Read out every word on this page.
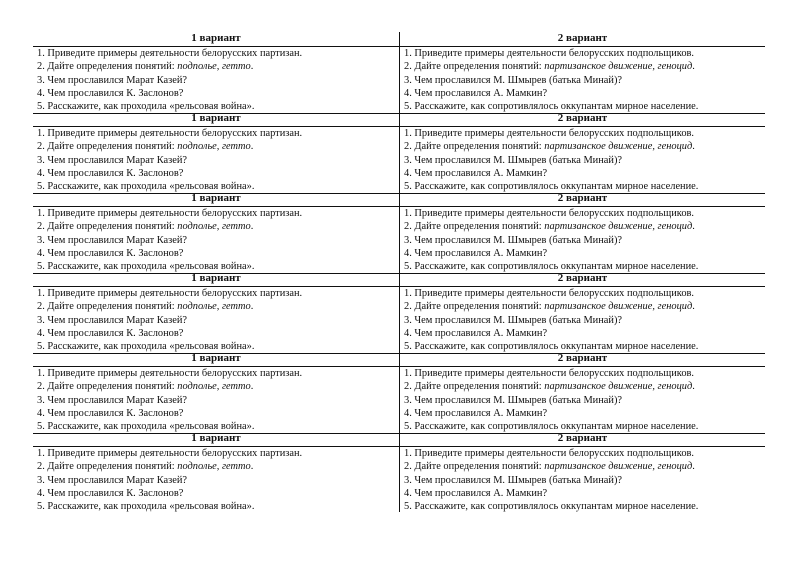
1 вариант	2 вариант
1. Приведите примеры деятельности белорусских партизан.
2. Дайте определения понятий: подполье, гетто.
3. Чем прославился Марат Казей?
4. Чем прославился К. Заслонов?
5. Расскажите, как проходила «рельсовая война».
1. Приведите примеры деятельности белорусских подпольщиков.
2. Дайте определения понятий: партизанское движение, геноцид.
3. Чем прославился М. Шмырев (батька Минай)?
4. Чем прославился А. Мамкин?
5. Расскажите, как сопротивлялось оккупантам мирное население.
1 вариант	2 вариант
1. Приведите примеры деятельности белорусских партизан.
2. Дайте определения понятий: подполье, гетто.
3. Чем прославился Марат Казей?
4. Чем прославился К. Заслонов?
5. Расскажите, как проходила «рельсовая война».
1. Приведите примеры деятельности белорусских подпольщиков.
2. Дайте определения понятий: партизанское движение, геноцид.
3. Чем прославился М. Шмырев (батька Минай)?
4. Чем прославился А. Мамкин?
5. Расскажите, как сопротивлялось оккупантам мирное население.
1 вариант	2 вариант
1. Приведите примеры деятельности белорусских партизан.
2. Дайте определения понятий: подполье, гетто.
3. Чем прославился Марат Казей?
4. Чем прославился К. Заслонов?
5. Расскажите, как проходила «рельсовая война».
1. Приведите примеры деятельности белорусских подпольщиков.
2. Дайте определения понятий: партизанское движение, геноцид.
3. Чем прославился М. Шмырев (батька Минай)?
4. Чем прославился А. Мамкин?
5. Расскажите, как сопротивлялось оккупантам мирное население.
1 вариант	2 вариант
1. Приведите примеры деятельности белорусских партизан.
2. Дайте определения понятий: подполье, гетто.
3. Чем прославился Марат Казей?
4. Чем прославился К. Заслонов?
5. Расскажите, как проходила «рельсовая война».
1. Приведите примеры деятельности белорусских подпольщиков.
2. Дайте определения понятий: партизанское движение, геноцид.
3. Чем прославился М. Шмырев (батька Минай)?
4. Чем прославился А. Мамкин?
5. Расскажите, как сопротивлялось оккупантам мирное население.
1 вариант	2 вариант
1. Приведите примеры деятельности белорусских партизан.
2. Дайте определения понятий: подполье, гетто.
3. Чем прославился Марат Казей?
4. Чем прославился К. Заслонов?
5. Расскажите, как проходила «рельсовая война».
1. Приведите примеры деятельности белорусских подпольщиков.
2. Дайте определения понятий: партизанское движение, геноцид.
3. Чем прославился М. Шмырев (батька Минай)?
4. Чем прославился А. Мамкин?
5. Расскажите, как сопротивлялось оккупантам мирное население.
1 вариант	2 вариант
1. Приведите примеры деятельности белорусских партизан.
2. Дайте определения понятий: подполье, гетто.
3. Чем прославился Марат Казей?
4. Чем прославился К. Заслонов?
5. Расскажите, как проходила «рельсовая война».
1. Приведите примеры деятельности белорусских подпольщиков.
2. Дайте определения понятий: партизанское движение, геноцид.
3. Чем прославился М. Шмырев (батька Минай)?
4. Чем прославился А. Мамкин?
5. Расскажите, как сопротивлялось оккупантам мирное население.
